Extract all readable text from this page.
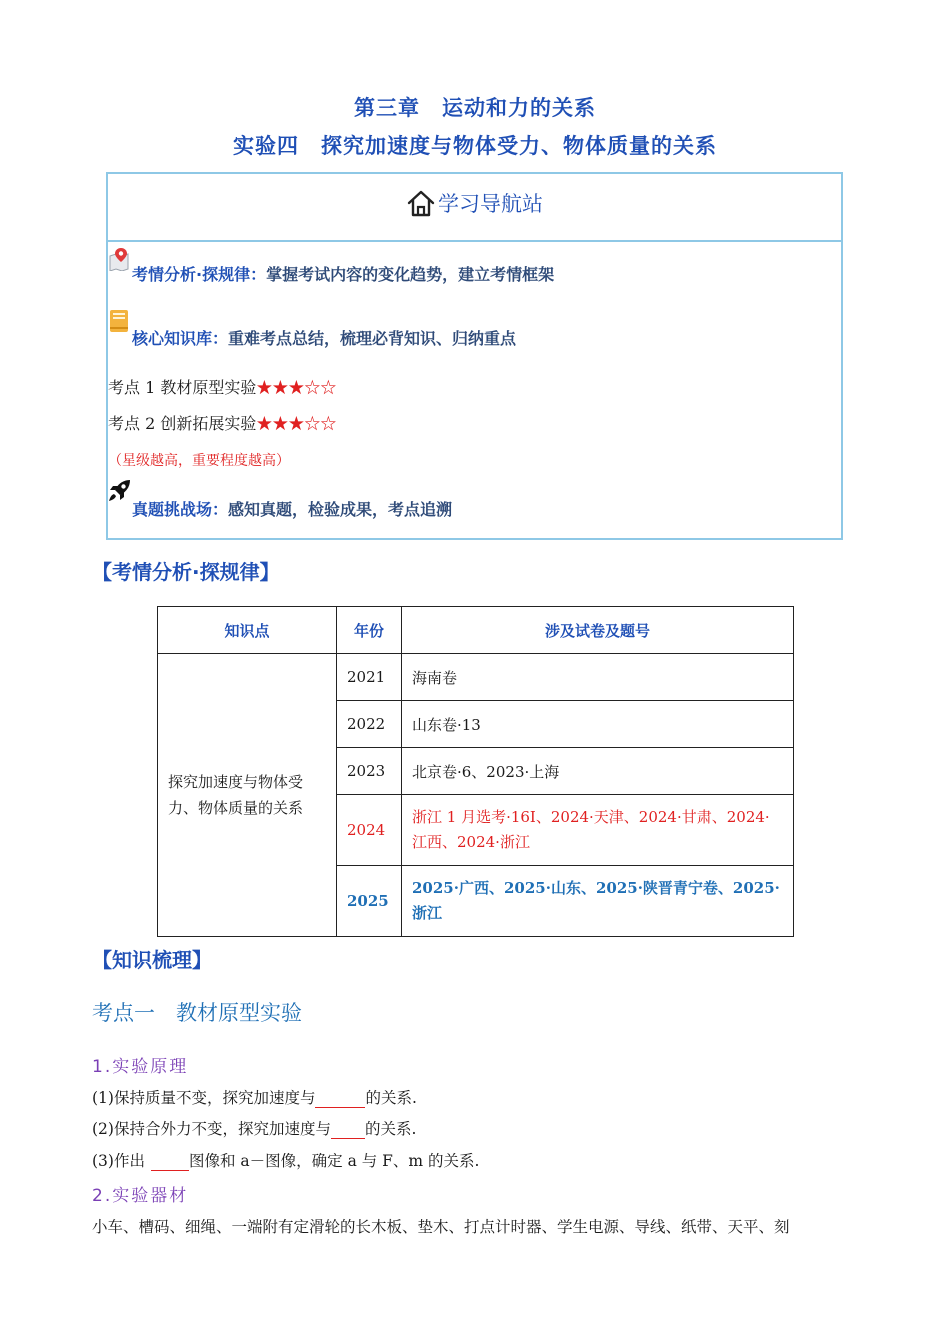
第三章　运动和力的关系
实验四　探究加速度与物体受力、物体质量的关系
学习导航站
考情分析·探规律：掌握考试内容的变化趋势，建立考情框架
核心知识库：重难考点总结，梳理必背知识、归纳重点
考点 1 教材原型实验★★★☆☆
考点 2 创新拓展实验★★★☆☆
（星级越高，重要程度越高）
真题挑战场：感知真题，检验成果，考点追溯
【考情分析·探规律】
知识点	年份	涉及试卷及题号
探究加速度与物体受力、物体质量的关系	2021	海南卷
	2022	山东卷·13
	2023	北京卷·6、2023·上海
	2024	浙江 1 月选考·16Ⅰ、2024·天津、2024·甘肃、2024·江西、2024·浙江
	2025	2025·广西、2025·山东、2025·陕晋青宁卷、2025·浙江
【知识梳理】
考点一　教材原型实验
1.实验原理
(1)保持质量不变，探究加速度与	的关系.
(2)保持合外力不变，探究加速度与 的关系.
(3)作出	图像和 a－图像，确定 a 与 F、m 的关系.
2.实验器材
小车、槽码、细绳、一端附有定滑轮的长木板、垫木、打点计时器、学生电源、导线、纸带、天平、刻
